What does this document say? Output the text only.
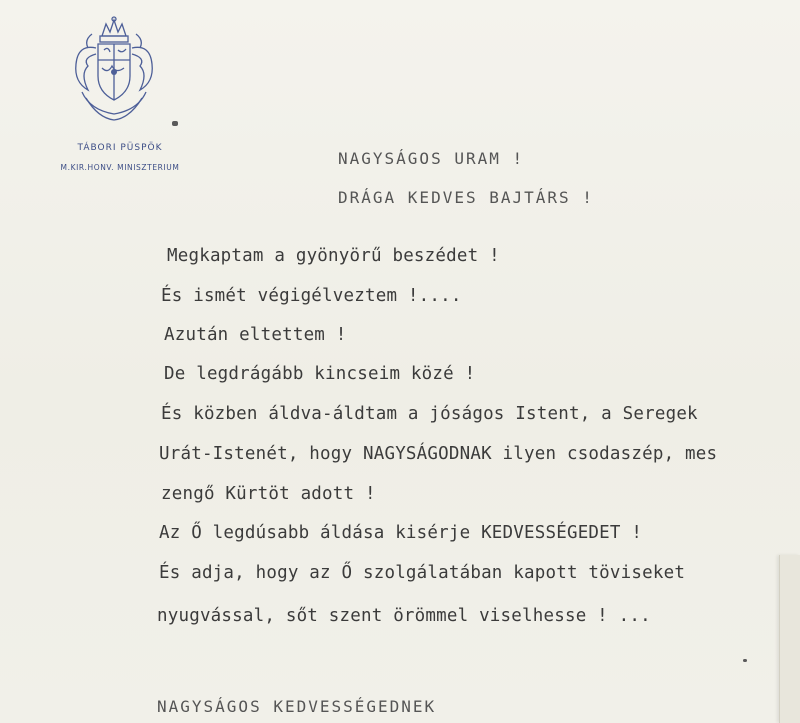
TÁBORI PÜSPÖK
M.KIR.HONV. MINISZTERIUM	NAGYSÁGOS URAM !
DRÁGA KEDVES BAJTÁRS !
Megkaptam a gyönyörű beszédet !
És ismét végigélveztem !....
Azután eltettem !
De legdrágább kincseim közé !
És közben áldva-áldtam a jóságos Istent, a Seregek
Urát-Istenét, hogy NAGYSÁGODNAK ilyen csodaszép, mes
zengő Kürtöt adott !
Az Ő legdúsabb áldása kisérje KEDVESSÉGEDET !
És adja, hogy az Ő szolgálatában kapott töviseket
nyugvással, sőt szent örömmel viselhesse ! ...
NAGYSÁGOS KEDVESSÉGEDNEK
